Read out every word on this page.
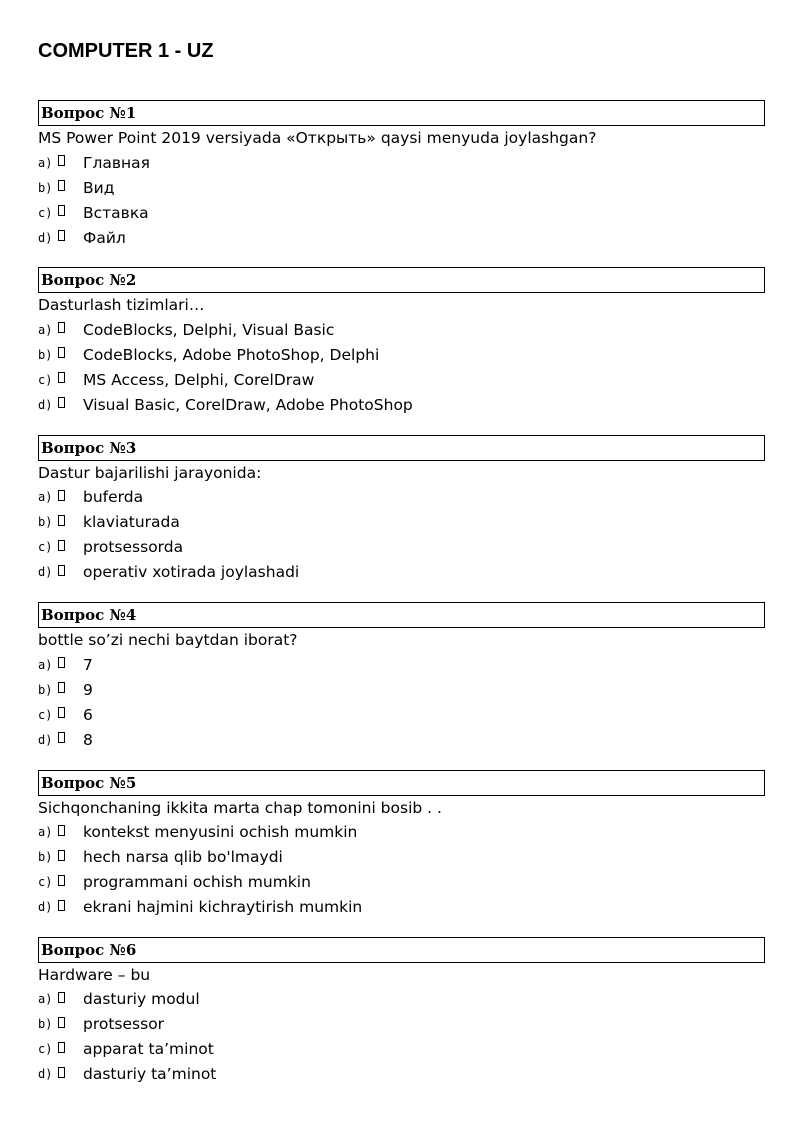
COMPUTER 1 - UZ
Вопрос №1
MS Power Point 2019 versiyada «Открыть» qaysi menyuda joylashgan?
a)	Главная
b)	Вид
c)	Вставка
d)	Файл
Вопрос №2
Dasturlash tizimlari…
a)	CodeBlocks, Delphi, Visual Basic
b)	CodeBlocks, Adobe PhotoShop, Delphi
c)	MS Access, Delphi, CorelDraw
d)	Visual Basic, CorelDraw, Adobe PhotoShop
Вопрос №3
Dastur bajarilishi jarayonida:
a)	buferda
b)	klaviaturada
c)	protsessorda
d)	operativ xotirada joylashadi
Вопрос №4
bottle so’zi nechi baytdan iborat?
a)	7
b)	9
c)	6
d)	8
Вопрос №5
Sichqonchaning ikkita marta chap tomonini bosib . .
a)	kontekst menyusini ochish mumkin
b)	hech narsa qlib bo'lmaydi
c)	programmani ochish mumkin
d)	ekrani hajmini kichraytirish mumkin
Вопрос №6
Hardware – bu
a)	dasturiy modul
b)	protsessor
c)	apparat ta’minot
d)	dasturiy ta’minot
